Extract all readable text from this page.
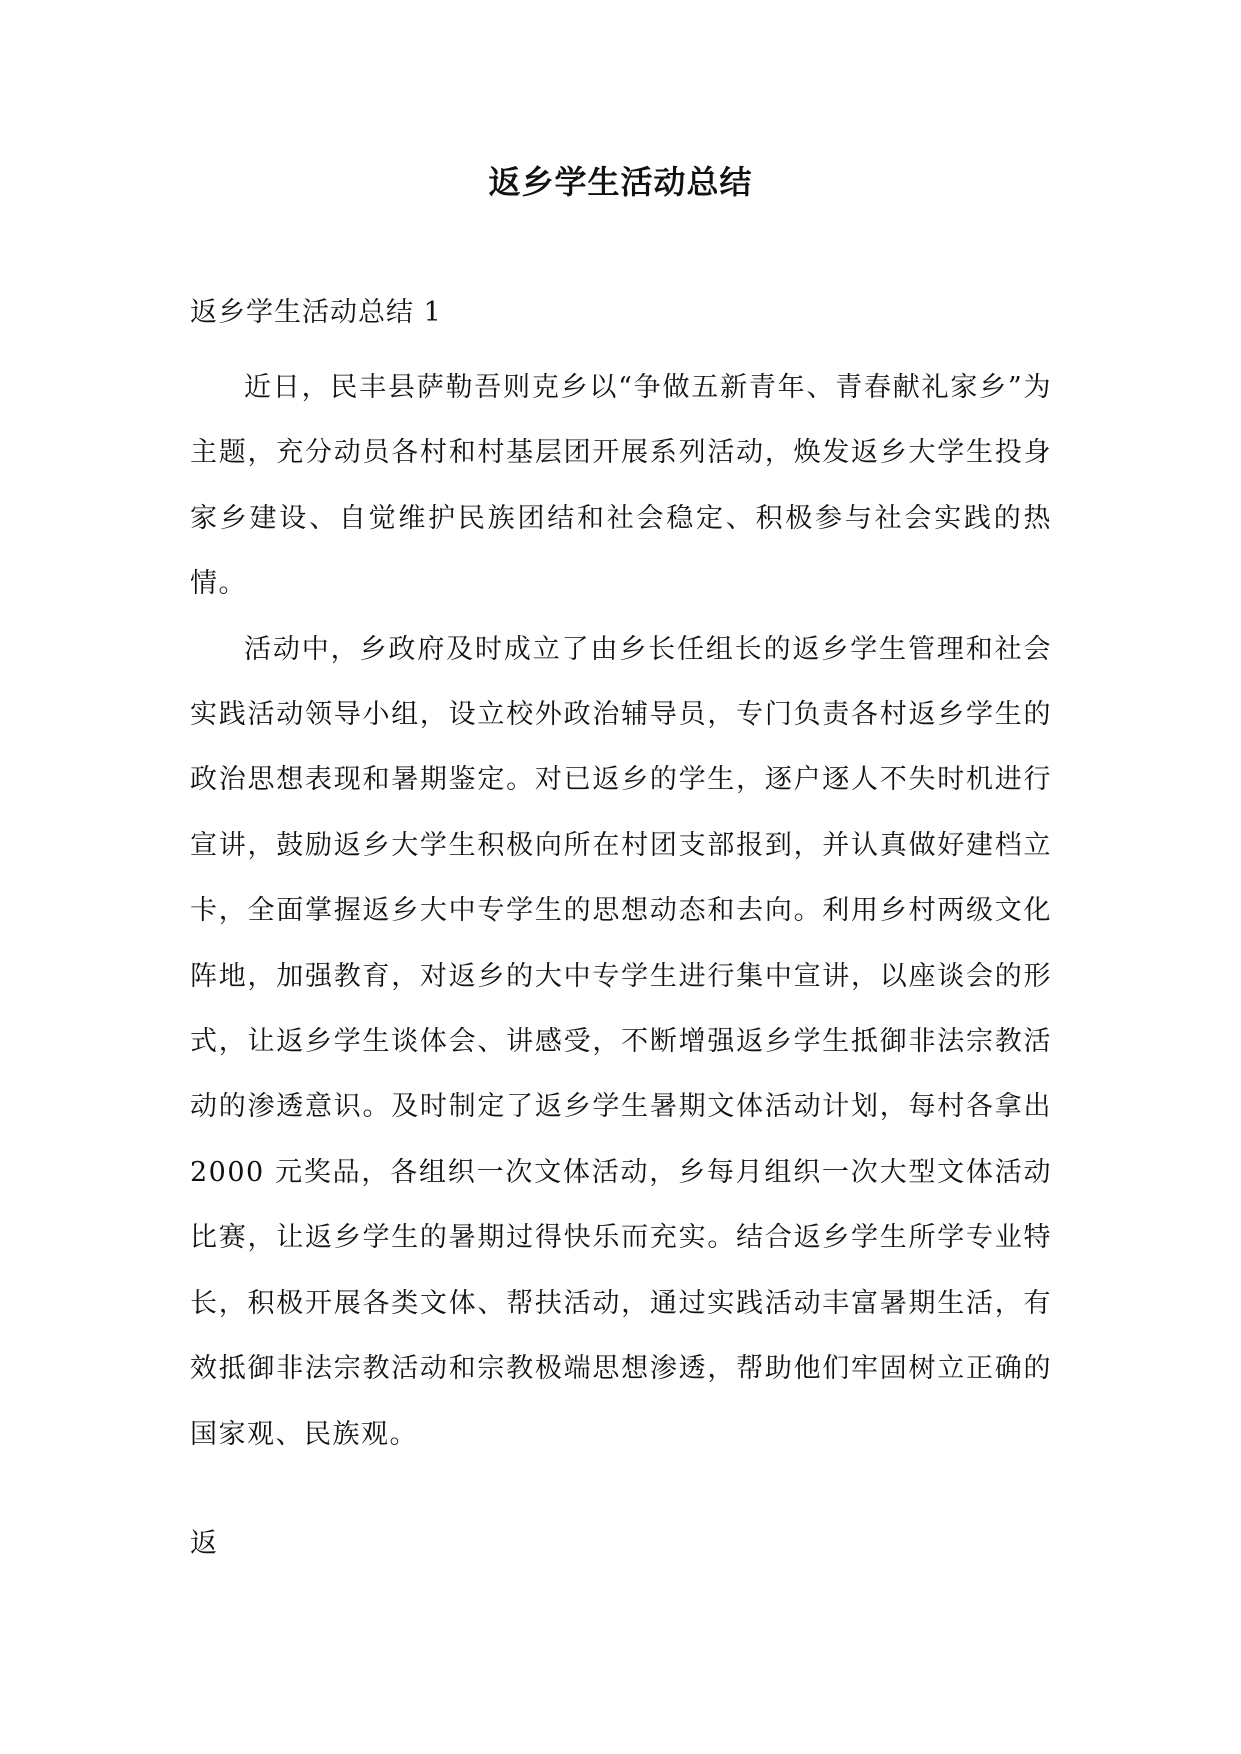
返乡学生活动总结
返乡学生活动总结 1

近日，民丰县萨勒吾则克乡以“争做五新青年、青春献礼家乡”为主题，充分动员各村和村基层团开展系列活动，焕发返乡大学生投身家乡建设、自觉维护民族团结和社会稳定、积极参与社会实践的热情。

活动中，乡政府及时成立了由乡长任组长的返乡学生管理和社会实践活动领导小组，设立校外政治辅导员，专门负责各村返乡学生的政治思想表现和暑期鉴定。对已返乡的学生，逐户逐人不失时机进行宣讲，鼓励返乡大学生积极向所在村团支部报到，并认真做好建档立卡，全面掌握返乡大中专学生的思想动态和去向。利用乡村两级文化阵地，加强教育，对返乡的大中专学生进行集中宣讲，以座谈会的形式，让返乡学生谈体会、讲感受，不断增强返乡学生抵御非法宗教活动的渗透意识。及时制定了返乡学生暑期文体活动计划，每村各拿出 2000 元奖品，各组织一次文体活动，乡每月组织一次大型文体活动比赛，让返乡学生的暑期过得快乐而充实。结合返乡学生所学专业特长，积极开展各类文体、帮扶活动，通过实践活动丰富暑期生活，有效抵御非法宗教活动和宗教极端思想渗透，帮助他们牢固树立正确的国家观、民族观。

返
